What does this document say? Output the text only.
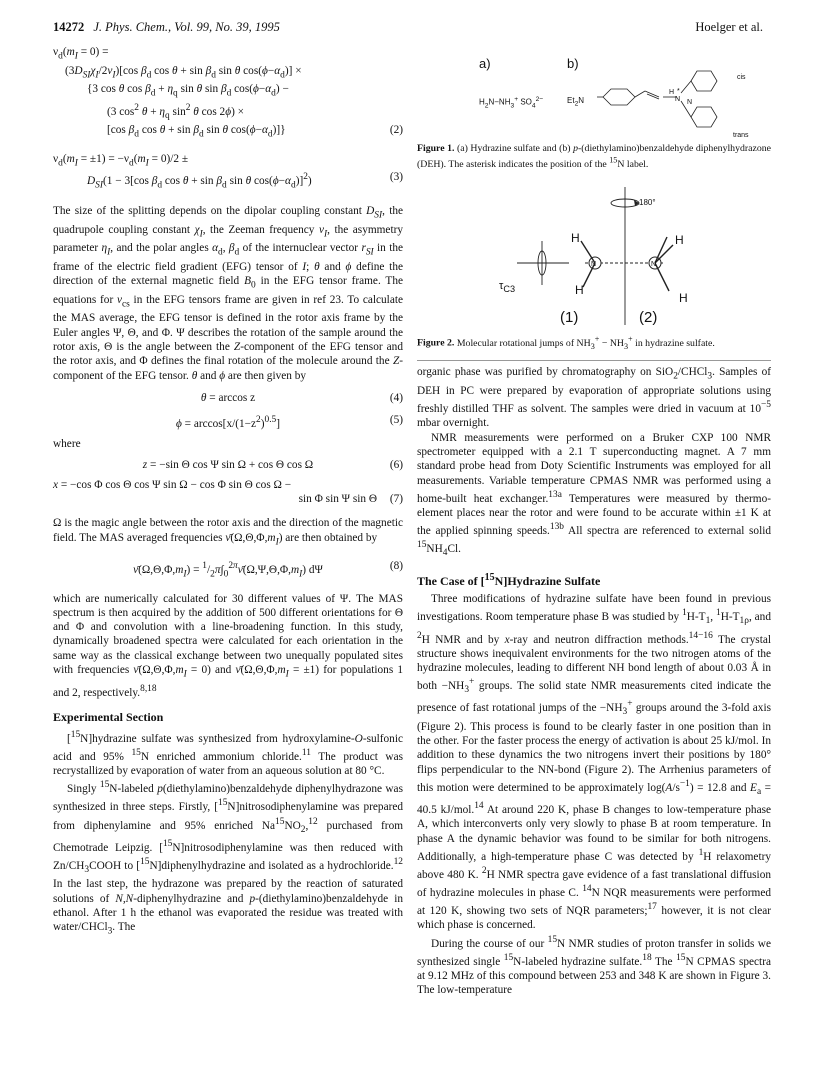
14272 J. Phys. Chem., Vol. 99, No. 39, 1995	Hoelger et al.
$\nu_d(m_I = 0)$ =
$(3D_{SI}\chi_I/2\nu_I)[\cos$ $\beta_d$ $\cos \theta + \sin \beta_d$ sin θ $\cos(\phi-\alpha_d)$] ×
{3 cos θ $\cos \beta_d + \eta_q$ sin θ $\sin \beta_d$ $\cos(\phi-\alpha_d)$ −
(3 $\cos^2 \theta + \eta_q$ $\sin^2 \theta$ cos 2ϕ) ×
[cos $\beta_d$ $\cos \theta + \sin \beta_d$ sin θ $\cos(\phi-\alpha_d)$]}	(2)
$\nu_d(m_I = \pm 1) = -\nu_d(m_I = 0)/2$ ±
$D_{SI}(1 - 3[\cos$ $\beta_d$ $\cos \theta + \sin \beta_d$ sin θ $\cos(\phi-\alpha_d)]^2$)	(3)

The size of the splitting depends on the dipolar coupling constant $D_{SI}$, the quadrupole coupling constant $\chi_I$, the Zeeman frequency $\nu_I$, the asymmetry parameter $\eta_I$, and the polar angles $\alpha_d$, $\beta_d$ of the internuclear vector $r_{SI}$ in the frame of the electric field gradient (EFG) tensor of I; θ and ϕ define the direction of the external magnetic field $B_0$ in the EFG tensor frame. The equations for $\nu_{cs}$ in the EFG tensors frame are given in ref 23. To calculate the MAS average, the EFG tensor is defined in the rotor axis frame by the Euler angles Ψ, Θ, and Φ. Ψ describes the rotation of the sample around the rotor axis, Θ is the angle between the Z-component of the EFG tensor and the rotor axis, and Φ defines the final rotation of the molecule around the Z-component of the EFG tensor. θ and ϕ are then given by

θ = arccos z	(4)
$\phi = \arccos[x/(1-z^2)^{0.5}]$	(5)
where
z = −sin Θ cos Ψ sin Ω + cos Θ cos Ω	(6)
x = −cos Φ cos Θ cos Ψ sin Ω − cos Φ sin Θ cos Ω −
sin Φ sin Ψ sin Θ (7)

Ω is the magic angle between the rotor axis and the direction of the magnetic field. The MAS averaged frequencies $\nū(\Omega,\Theta,\Phi,m_I)$ are then obtained by

$\nū(\Omega,\Theta,\Phi,m_I)$ = $^1/_2\pi\int_0^{2\pi}\nū(\Omega,\Psi,\Theta,\Phi,m_I)$ dΨ	(8)

which are numerically calculated for 30 different values of Ψ. The MAS spectrum is then acquired by the addition of 500 different orientations for Θ and Φ and convolution with a line-broadening function. In this study, dynamically broadened spectra were calculated for each orientation in the same way as the classical exchange between two unequally populated sites with frequencies $\nū(\Omega,\Theta,\Phi,m_I = 0)$ and $\nū(\Omega,\Theta,\Phi,m_I = \pm 1)$ for populations 1 and 2, respectively.$^{8,18}$

Experimental Section

[$^{15}$N]hydrazine sulfate was synthesized from hydroxylamine-O-sulfonic acid and 95% $^{15}$N enriched ammonium chloride.$^{11}$ The product was recrystallized by evaporation of water from an aqueous solution at 80 °C.

Singly $^{15}$N-labeled p(diethylamino)benzaldehyde diphenylhydrazone was synthesized in three steps. Firstly, [$^{15}$N]nitrosodiphenylamine was prepared from diphenylamine and 95% enriched $Na^{15}NO_2,^{12}$ purchased from Chemotrade Leipzig. [$^{15}$N]nitrosodiphenylamine was then reduced with $Zn/CH_3COOH$ to [$^{15}$N]diphenylhydrazine and isolated as a hydrochloride.$^{12}$ In the last step, the hydrazone was prepared by the reaction of saturated solutions of N,N-diphenylhydrazine and p-(diethylamino)benzaldehyde in ethanol. After 1 h the ethanol was evaporated the residue was treated with water/CHCl$_3$. The

a)	b)
$H_2N-NH_3^+$ $SO_4^{2-}$	$Et_2N$
cis
trans
H
N
*
N
Figure 1. (a) Hydrazine sulfate and (b) p-(diethylamino)benzaldehyde diphenylhydrazone (DEH). The asterisk indicates the position of the $^{15}$N label.
180°
$\tau_{C3}$
H
H
H
H
N	N
(1)	(2)
Figure 2. Molecular rotational jumps of $NH_3^+ - NH_3^+$ in hydrazine sulfate.

organic phase was purified by chromatography on SiO$_2$/CHCl$_3$. Samples of DEH in PC were prepared by evaporation of appropriate solutions using freshly distilled THF as solvent. The samples were dried in vacuum at $10^{-5}$ mbar overnight.

NMR measurements were performed on a Bruker CXP 100 NMR spectrometer equipped with a 2.1 T superconducting magnet. A 7 mm standard probe head from Doty Scientific Instruments was employed for all measurements. Variable temperature CPMAS NMR was performed using a home-built heat exchanger.$^{13a}$ Temperatures were measured by thermo-element places near the rotor and were found to be accurate within ±1 K at the applied spinning speeds.$^{13b}$ All spectra are referenced to external solid $^{15}NH_4Cl$.

The Case of [$^{15}$N]Hydrazine Sulfate

Three modifications of hydrazine sulfate have been found in previous investigations. Room temperature phase B was studied by $^1H-T_1$, $^1H-T_{1\rho}$, and $^2$H NMR and by x-ray and neutron diffraction methods.$^{14-16}$ The crystal structure shows inequivalent environments for the two nitrogen atoms of the hydrazine molecules, leading to different NH bond length of about 0.03 Å in both $-NH_3^+$ groups. The solid state NMR measurements cited indicate the presence of fast rotational jumps of the $-NH_3^+$ groups around the 3-fold axis (Figure 2). This process is found to be clearly faster in one position than in the other. For the faster process the energy of activation is about 25 kJ/mol. In addition to these dynamics the two nitrogens invert their positions by 180° flips perpendicular to the NN-bond (Figure 2). The Arrhenius parameters of this motion were determined to be approximately $\log(A/s^{-1}) = 12.8$ and $E_a = 40.5$ kJ/mol.$^{14}$ At around 220 K, phase B changes to low-temperature phase A, which interconverts only very slowly to phase B at room temperature. In phase A the dynamic behavior was found to be similar for both nitrogens. Additionally, a high-temperature phase C was detected by $^1$H relaxometry above 480 K. $^2$H NMR spectra gave evidence of a fast translational diffusion of hydrazine molecules in phase C. $^{14}$N NQR measurements were performed at 120 K, showing two sets of NQR parameters;$^{17}$ however, it is not clear which phase is concerned.

During the course of our $^{15}$N NMR studies of proton transfer in solids we synthesized single $^{15}$N-labeled hydrazine sulfate.$^{18}$ The $^{15}$N CPMAS spectra at 9.12 MHz of this compound between 253 and 348 K are shown in Figure 3. The low-temperature
